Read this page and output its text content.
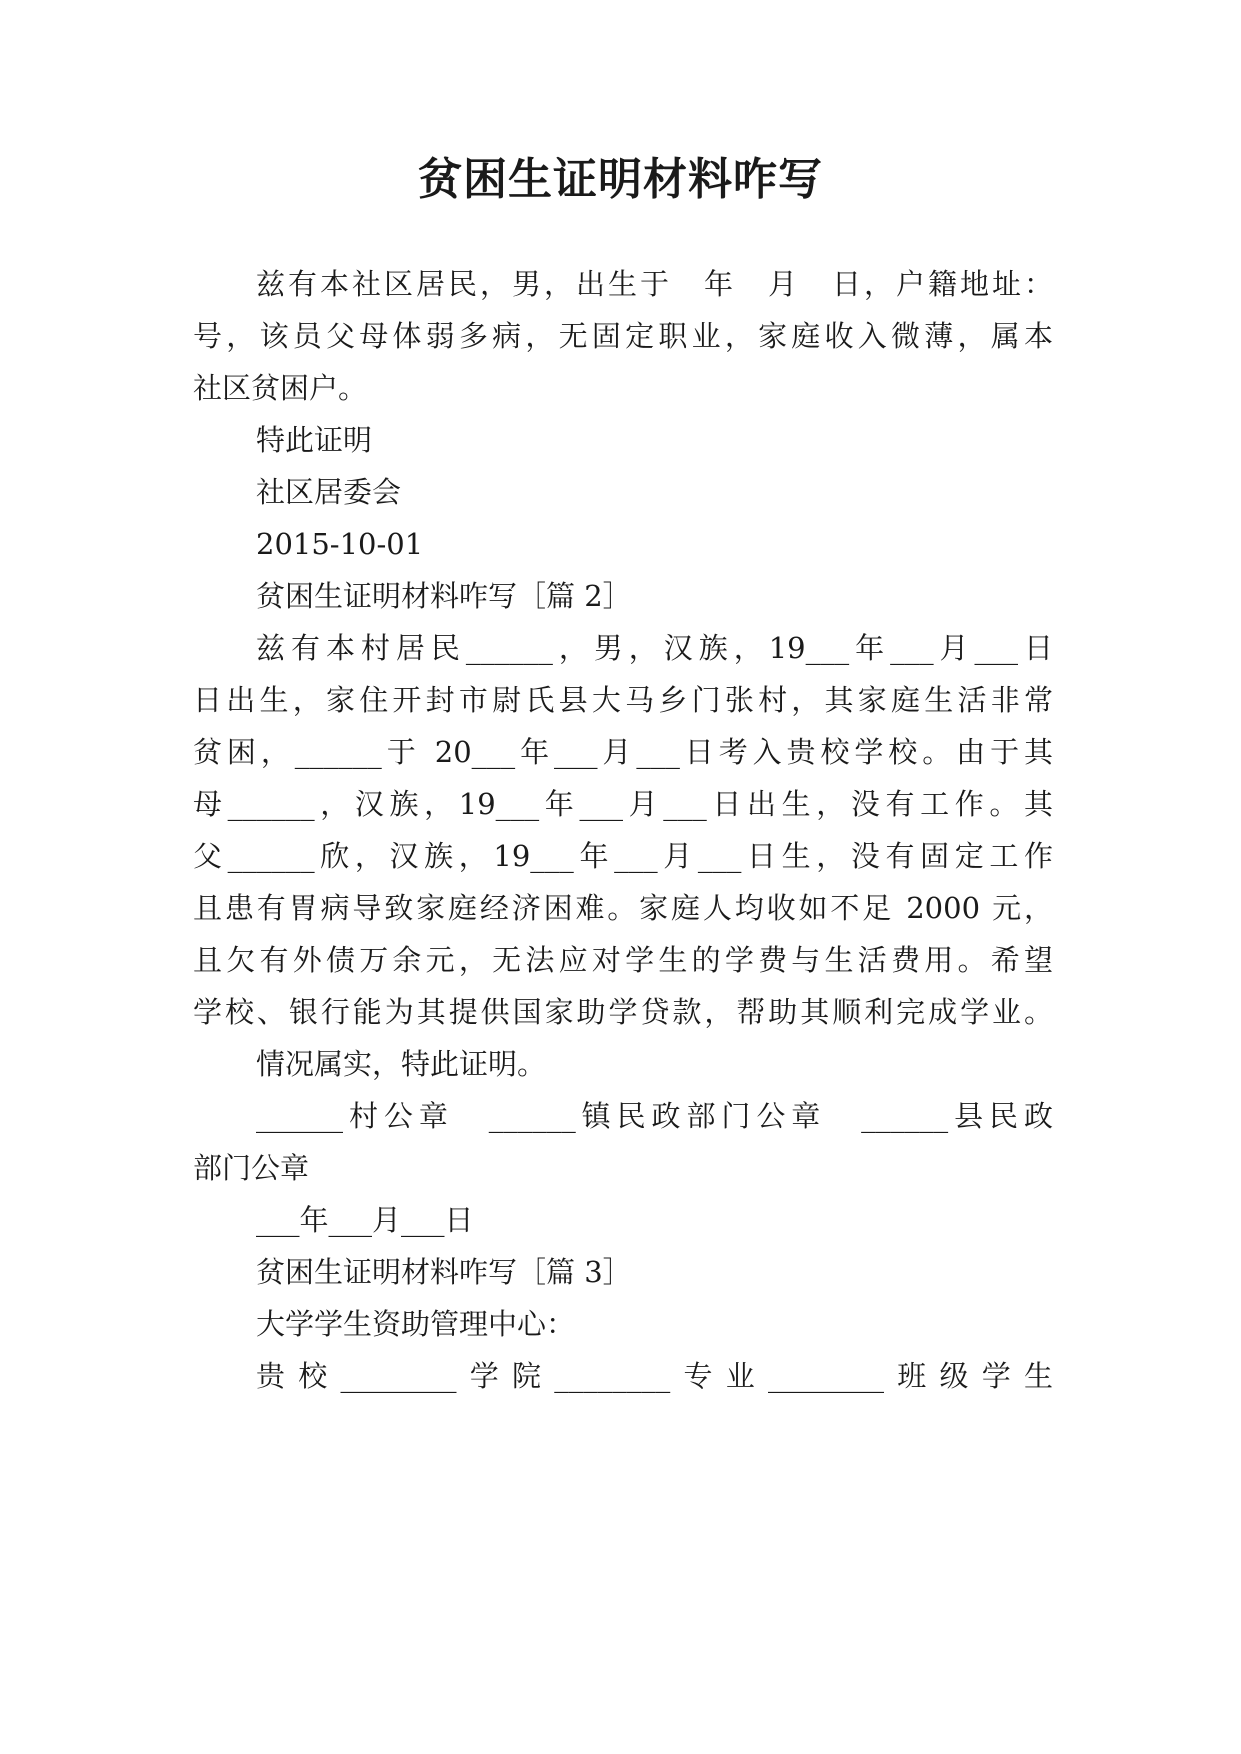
贫困生证明材料咋写
兹有本社区居民，男，出生于　年　月　日，户籍地址：
号，该员父母体弱多病，无固定职业，家庭收入微薄，属本
社区贫困户。
特此证明
社区居委会
2015-10-01
贫困生证明材料咋写［篇 2］
兹有本村居民______，男，汉族，19___年___月___日
日出生，家住开封市尉氏县大马乡门张村，其家庭生活非常
贫困，______于 20___年___月___日考入贵校学校。由于其
母______，汉族，19___年___月___日出生，没有工作。其
父______欣，汉族，19___年___月___日生，没有固定工作
且患有胃病导致家庭经济困难。家庭人均收如不足 2000 元，
且欠有外债万余元，无法应对学生的学费与生活费用。希望
学校、银行能为其提供国家助学贷款，帮助其顺利完成学业。
情况属实，特此证明。
______村公章　______镇民政部门公章　______县民政
部门公章
___年___月___日
贫困生证明材料咋写［篇 3］
大学学生资助管理中心：
贵校________学院________专业________班级学生
